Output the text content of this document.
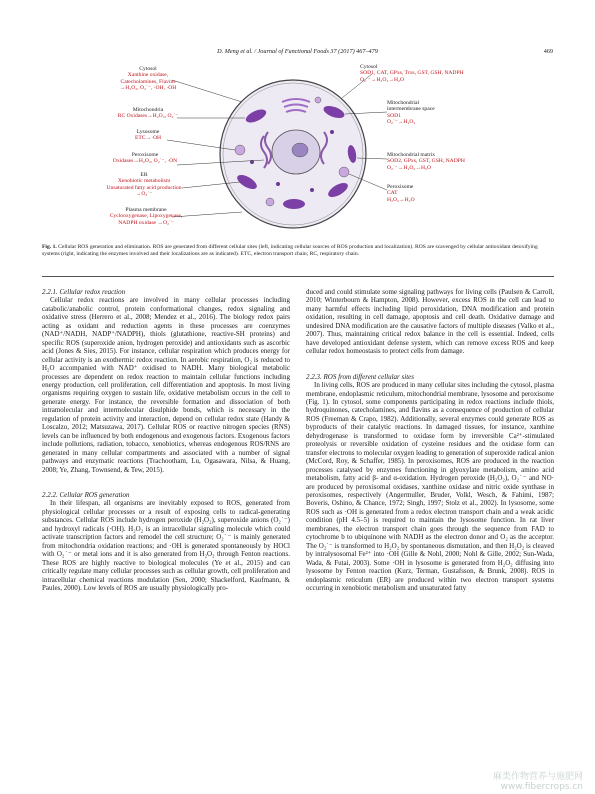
D. Meng et al. / Journal of Functional Foods 37 (2017) 467–479	469
Cytosol
Xanthine oxidase,
Catecholamines, Flavins
→H₂O₂, O₂˙⁻, ·OH, ·OH
Mitochondria
RC Oxidases→H₂O₂, O₂˙⁻
Lysosome
ETC→·OH
Peroxisome
Oxidases→H₂O₂, O₂˙⁻, ·ON
ER
Xenobiotic metabolism
Unsaturated fatty acid production
→O₂˙⁻
Plasma membrane
Cyclooxygenase, Lipoxygenase,
NADPH oxidase →O₂˙⁻
Cytosol
SOD1, CAT, GPxs, Trxs, GST, GSH, NADPH
O₂˙⁻→H₂O₂→H₂O
Mitochondrial
intermembrane space
SOD1
O₂˙⁻→H₂O₂
Mitochondrial matrix
SOD2, GPxs, GST, GSH, NADPH
O₂˙⁻→H₂O₂→H₂O
Peroxisome
CAT
H₂O₂→H₂O
Fig. 1. Cellular ROS generation and elimination. ROS are generated from different cellular sites (left, indicating cellular sources of ROS production and localization). ROS are scavenged by cellular antioxidant detoxifying systems (right, indicating the enzymes involved and their localizations are as indicated). ETC, electron transport chain; RC, respiratory chain.
2.2.1. Cellular redox reaction

Cellular redox reactions are involved in many cellular processes including catabolic/anabolic control, protein conformational changes, redox signaling and oxidative stress (Herrero et al., 2008; Mendez et al., 2016). The biology redox pairs acting as oxidant and reduction agents in these processes are coenzymes (NAD⁺/NADH, NADP⁺/NADPH), thiols (glutathione, reactive-SH proteins) and specific ROS (superoxide anion, hydrogen peroxide) and antioxidants such as ascorbic acid (Jones & Sies, 2015). For instance, cellular respiration which produces energy for cellular activity is an exothermic redox reaction. In aerobic respiration, O₂ is reduced to H₂O accompanied with NAD⁺ oxidised to NADH. Many biological metabolic processes are dependent on redox reaction to maintain cellular functions including energy production, cell proliferation, cell differentiation and apoptosis. In most living organisms requiring oxygen to sustain life, oxidative metabolism occurs in the cell to generate energy. For instance, the reversible formation and dissociation of both intramolecular and intermolecular disulphide bonds, which is necessary in the regulation of protein activity and interaction, depend on cellular redox state (Handy & Loscalzo, 2012; Matsuzawa, 2017). Cellular ROS or reactive nitrogen species (RNS) levels can be influenced by both endogenous and exogenous factors. Exogenous factors include pollutions, radiation, tobacco, xenobiotics, whereas endogenous ROS/RNS are generated in many cellular compartments and associated with a number of signal pathways and enzymatic reactions (Trachootham, Lu, Ogasawara, Nilsa, & Huang, 2008; Ye, Zhang, Townsend, & Tew, 2015).

2.2.2. Cellular ROS generation

In their lifespan, all organisms are inevitably exposed to ROS, generated from physiological cellular processes or a result of exposing cells to radical-generating substances. Cellular ROS include hydrogen peroxide (H₂O₂), superoxide anions (O₂˙⁻) and hydroxyl radicals (·OH). H₂O₂ is an intracellular signaling molecule which could activate transcription factors and remodel the cell structure; O₂˙⁻ is mainly generated from mitochondria oxidation reactions; and ·OH is generated spontaneously by HOCl with O₂˙⁻ or metal ions and it is also generated from H₂O₂ through Fenton reactions. These ROS are highly reactive to biological molecules (Ye et al., 2015) and can critically regulate many cellular processes such as cellular growth, cell proliferation and intracellular chemical reactions modulation (Sen, 2000; Shackelford, Kaufmann, & Paules, 2000). Low levels of ROS are usually physiologically pro-

duced and could stimulate some signaling pathways for living cells (Paulsen & Carroll, 2010; Winterbourn & Hampton, 2008). However, excess ROS in the cell can lead to many harmful effects including lipid peroxidation, DNA modification and protein oxidation, resulting in cell damage, apoptosis and cell death. Oxidative damage and undesired DNA modification are the causative factors of multiple diseases (Valko et al., 2007). Thus, maintaining critical redox balance in the cell is essential. Indeed, cells have developed antioxidant defense system, which can remove excess ROS and keep cellular redox homeostasis to protect cells from damage.

2.2.3. ROS from different cellular sites

In living cells, ROS are produced in many cellular sites including the cytosol, plasma membrane, endoplasmic reticulum, mitochondrial membrane, lysosome and peroxisome (Fig. 1). In cytosol, some components participating in redox reactions include thiols, hydroquinones, catecholamines, and flavins as a consequence of production of cellular ROS (Freeman & Crapo, 1982). Additionally, several enzymes could generate ROS as byproducts of their catalytic reactions. In damaged tissues, for instance, xanthine dehydrogenase is transformed to oxidase form by irreversible Ca²⁺-stimulated proteolysis or reversible oxidation of cysteine residues and the oxidase form can transfer electrons to molecular oxygen leading to generation of superoxide radical anion (McCord, Roy, & Schaffer, 1985). In peroxisomes, ROS are produced in the reaction processes catalysed by enzymes functioning in glyoxylate metabolism, amino acid metabolism, fatty acid β- and α-oxidation. Hydrogen peroxide (H₂O₂), O₂˙⁻ and NO· are produced by peroxisomal oxidases, xanthine oxidase and nitric oxide synthase in peroxisomes, respectively (Angermuller, Bruder, Volkl, Wesch, & Fahimi, 1987; Boveris, Oshino, & Chance, 1972; Singh, 1997; Stolz et al., 2002). In lysosome, some ROS such as ·OH is generated from a redox electron transport chain and a weak acidic condition (pH 4.5–5) is required to maintain the lysosome function. In rat liver membranes, the electron transport chain goes through the sequence from FAD to cytochrome b to ubiquinone with NADH as the electron donor and O₂ as the acceptor. The O₂˙⁻ is transformed to H₂O₂ by spontaneous dismutation, and then H₂O₂ is cleaved by intralysosomal Fe²⁺ into ·OH (Gille & Nohl, 2000; Nohl & Gille, 2002; Sun-Wada, Wada, & Futai, 2003). Some ·OH in lysosome is generated from H₂O₂ diffusing into lysosome by Fenton reaction (Kurz, Terman, Gustafsson, & Brunk, 2008). ROS in endoplasmic reticulum (ER) are produced within two electron transport systems occurring in xenobiotic metabolism and unsaturated fatty

麻类作物营养与施肥网
www.fibercrops.cn
